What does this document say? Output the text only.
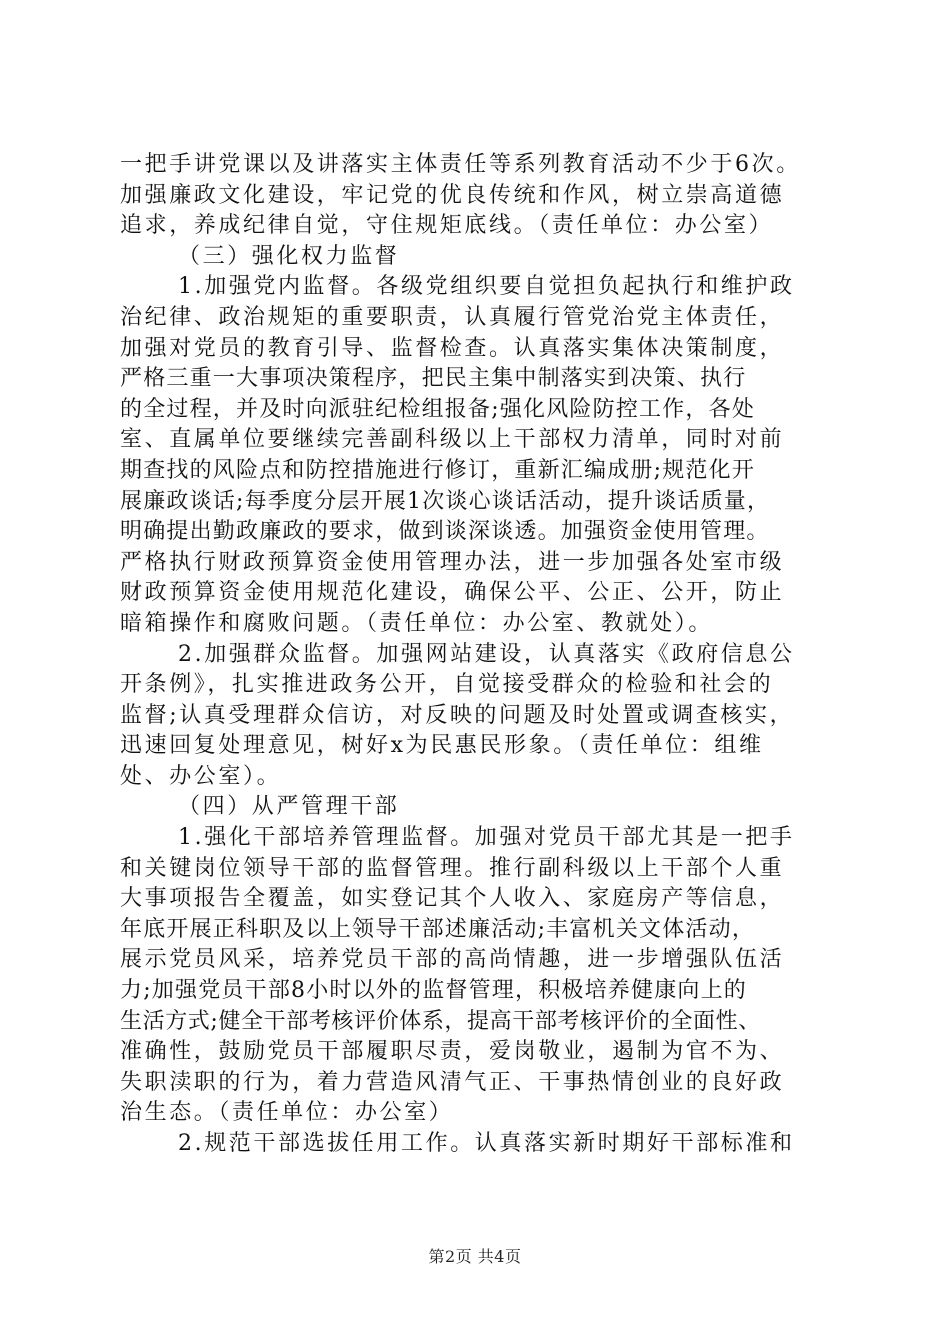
一把手讲党课以及讲落实主体责任等系列教育活动不少于6次。
加强廉政文化建设，牢记党的优良传统和作风，树立崇高道德
追求，养成纪律自觉，守住规矩底线。（责任单位：办公室）
（三）强化权力监督
1.加强党内监督。各级党组织要自觉担负起执行和维护政
治纪律、政治规矩的重要职责，认真履行管党治党主体责任，
加强对党员的教育引导、监督检查。认真落实集体决策制度，
严格三重一大事项决策程序，把民主集中制落实到决策、执行
的全过程，并及时向派驻纪检组报备;强化风险防控工作，各处
室、直属单位要继续完善副科级以上干部权力清单，同时对前
期查找的风险点和防控措施进行修订，重新汇编成册;规范化开
展廉政谈话;每季度分层开展1次谈心谈话活动，提升谈话质量，
明确提出勤政廉政的要求，做到谈深谈透。加强资金使用管理。
严格执行财政预算资金使用管理办法，进一步加强各处室市级
财政预算资金使用规范化建设，确保公平、公正、公开，防止
暗箱操作和腐败问题。（责任单位：办公室、教就处）。
2.加强群众监督。加强网站建设，认真落实《政府信息公
开条例》，扎实推进政务公开，自觉接受群众的检验和社会的
监督;认真受理群众信访，对反映的问题及时处置或调查核实，
迅速回复处理意见，树好x为民惠民形象。（责任单位：组维
处、办公室）。
（四）从严管理干部
1.强化干部培养管理监督。加强对党员干部尤其是一把手
和关键岗位领导干部的监督管理。推行副科级以上干部个人重
大事项报告全覆盖，如实登记其个人收入、家庭房产等信息，
年底开展正科职及以上领导干部述廉活动;丰富机关文体活动，
展示党员风采，培养党员干部的高尚情趣，进一步增强队伍活
力;加强党员干部8小时以外的监督管理，积极培养健康向上的
生活方式;健全干部考核评价体系，提高干部考核评价的全面性、
准确性，鼓励党员干部履职尽责，爱岗敬业，遏制为官不为、
失职渎职的行为，着力营造风清气正、干事热情创业的良好政
治生态。（责任单位：办公室）
2.规范干部选拔任用工作。认真落实新时期好干部标准和
第2页 共4页
